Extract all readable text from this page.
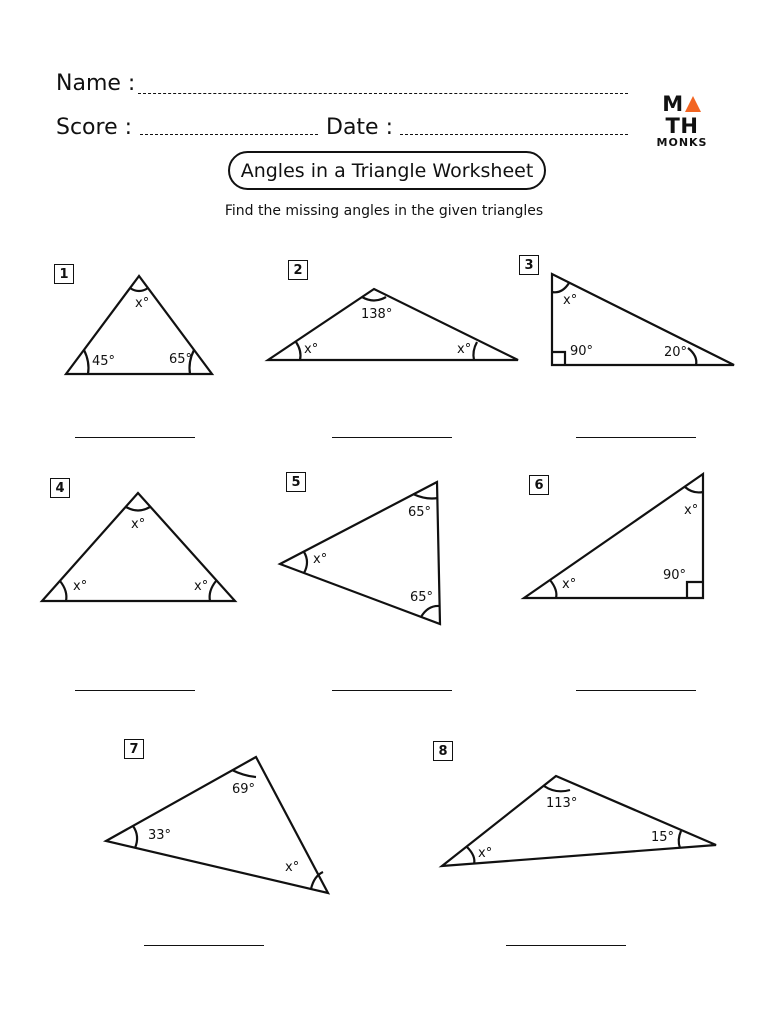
Name :
Score :	Date :
MTH
MONKS
Angles in a Triangle Worksheet
Find the missing angles in the given triangles
1	2	3
4	5	6
7	8
x°
45°	65°
138°
x°	x°
x°
90°	20°
x°
x°	x°
x°
65°
65°
x°
90°
x°
33°
69°
x°
x°
113°
15°
